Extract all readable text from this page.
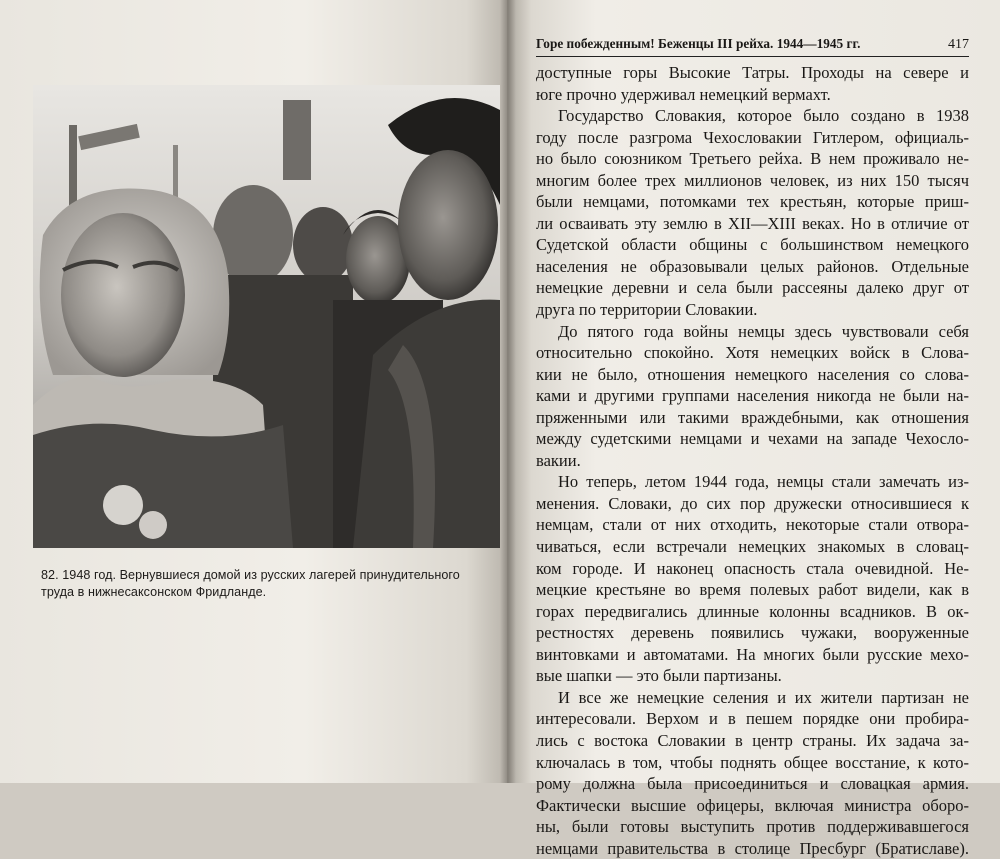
82. 1948 год. Вернувшиеся домой из русских лагерей принудительного
труда в нижнесаксонском Фридланде.
Горе побежденным! Беженцы III рейха. 1944—1945 гг.	417
доступные горы Высокие Татры. Проходы на севере и
юге прочно удерживал немецкий вермахт.
Государство Словакия, которое было создано в 1938
году после разгрома Чехословакии Гитлером, официаль-
но было союзником Третьего рейха. В нем проживало не-
многим более трех миллионов человек, из них 150 тысяч
были немцами, потомками тех крестьян, которые приш-
ли осваивать эту землю в XII—XIII веках. Но в отличие от
Судетской области общины с большинством немецкого
населения не образовывали целых районов. Отдельные
немецкие деревни и села были рассеяны далеко друг от
друга по территории Словакии.
До пятого года войны немцы здесь чувствовали себя
относительно спокойно. Хотя немецких войск в Слова-
кии не было, отношения немецкого населения со слова-
ками и другими группами населения никогда не были на-
пряженными или такими враждебными, как отношения
между судетскими немцами и чехами на западе Чехосло-
вакии.
Но теперь, летом 1944 года, немцы стали замечать из-
менения. Словаки, до сих пор дружески относившиеся к
немцам, стали от них отходить, некоторые стали отвора-
чиваться, если встречали немецких знакомых в словац-
ком городе. И наконец опасность стала очевидной. Не-
мецкие крестьяне во время полевых работ видели, как в
горах передвигались длинные колонны всадников. В ок-
рестностях деревень появились чужаки, вооруженные
винтовками и автоматами. На многих были русские мехо-
вые шапки — это были партизаны.
И все же немецкие селения и их жители партизан не
интересовали. Верхом и в пешем порядке они пробира-
лись с востока Словакии в центр страны. Их задача за-
ключалась в том, чтобы поднять общее восстание, к кото-
рому должна была присоединиться и словацкая армия.
Фактически высшие офицеры, включая министра оборо-
ны, были готовы выступить против поддерживавшегося
немцами правительства в столице Пресбург (Братиславе).
